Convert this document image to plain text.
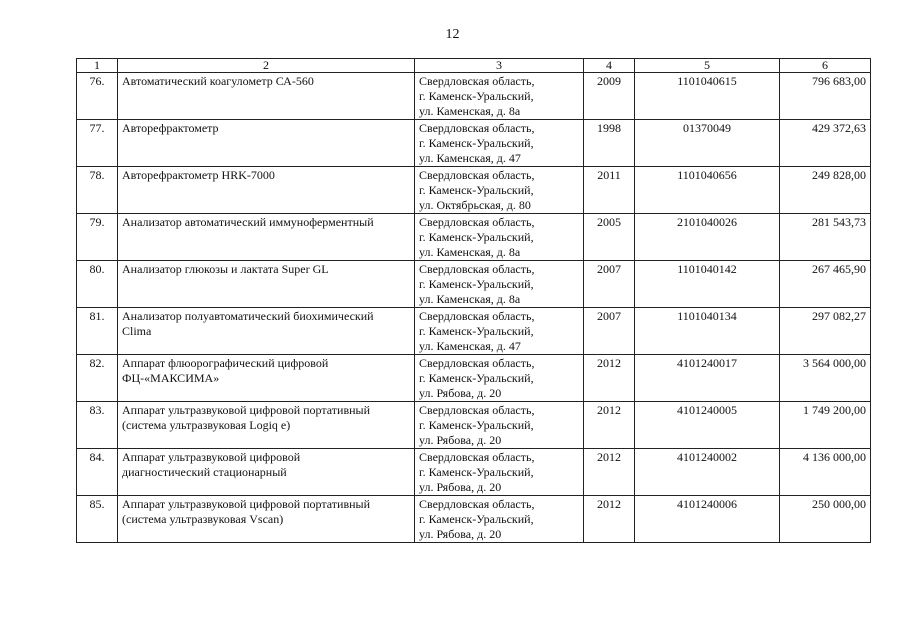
12
1	2	3	4	5	6
76.	Автоматический коагулометр СА-560	Свердловская область,
г. Каменск-Уральский,
ул. Каменская, д. 8а	2009	1101040615	796 683,00
77.	Авторефрактометр	Свердловская область,
г. Каменск-Уральский,
ул. Каменская, д. 47	1998	01370049	429 372,63
78.	Авторефрактометр HRK-7000	Свердловская область,
г. Каменск-Уральский,
ул. Октябрьская, д. 80	2011	1101040656	249 828,00
79.	Анализатор автоматический иммуноферментный	Свердловская область,
г. Каменск-Уральский,
ул. Каменская, д. 8а	2005	2101040026	281 543,73
80.	Анализатор глюкозы и лактата Super GL	Свердловская область,
г. Каменск-Уральский,
ул. Каменская, д. 8а	2007	1101040142	267 465,90
81.	Анализатор полуавтоматический биохимический
Clima	Свердловская область,
г. Каменск-Уральский,
ул. Каменская, д. 47	2007	1101040134	297 082,27
82.	Аппарат флюорографический цифровой
ФЦ-«МАКСИМА»	Свердловская область,
г. Каменск-Уральский,
ул. Рябова, д. 20	2012	4101240017	3 564 000,00
83.	Аппарат ультразвуковой цифровой портативный
(система ультразвуковая Logiq e)	Свердловская область,
г. Каменск-Уральский,
ул. Рябова, д. 20	2012	4101240005	1 749 200,00
84.	Аппарат ультразвуковой цифровой
диагностический стационарный	Свердловская область,
г. Каменск-Уральский,
ул. Рябова, д. 20	2012	4101240002	4 136 000,00
85.	Аппарат ультразвуковой цифровой портативный
(система ультразвуковая Vscan)	Свердловская область,
г. Каменск-Уральский,
ул. Рябова, д. 20	2012	4101240006	250 000,00
